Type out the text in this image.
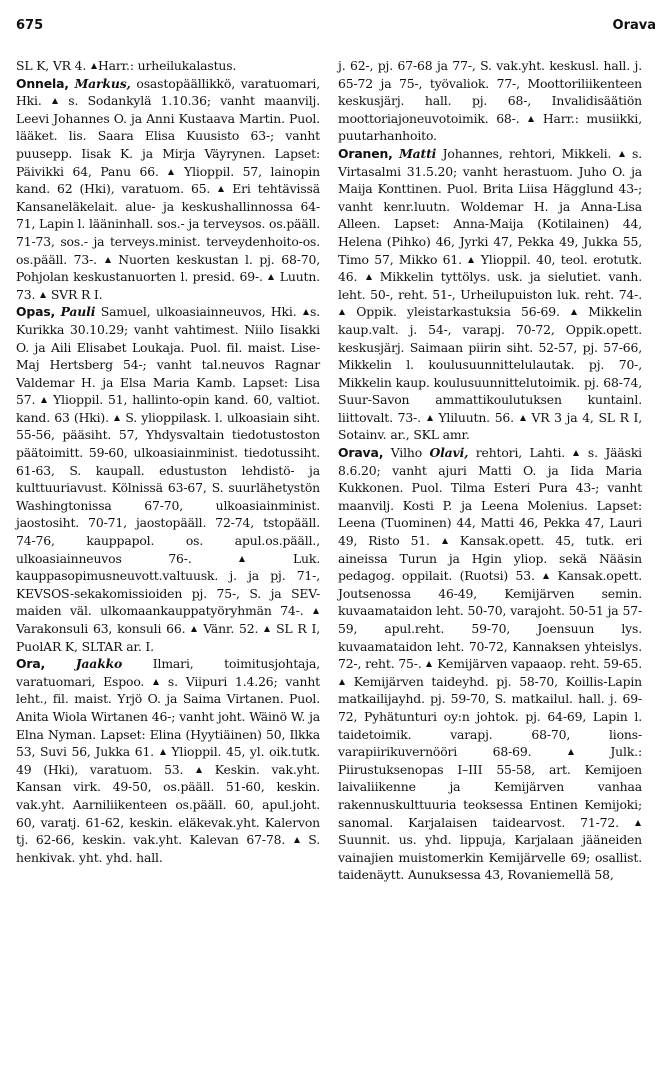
675	Orava

SL K, VR 4. Harr.: urheilukalastus.

Onnela, Markus, osastopäällikkö, varatuomari, Hki.  s. Sodankylä 1.10.36; vanht maanvilj. Leevi Johannes O. ja Anni Kustaava Martin. Puol. lääket. lis. Saara Elisa Kuusisto 63-; vanht puusepp. Iisak K. ja Mirja Väyrynen. Lapset: Päivikki 64, Panu 66.  Ylioppil. 57, lainopin kand. 62 (Hki), varatuom. 65.  Eri tehtävissä Kansaneläkelait. alue- ja keskushallinnossa 64-71, Lapin l. lääninhall. sos.- ja terveysos. os.pääll. 71-73, sos.- ja terveys.minist. terveydenhoito-os. os.pääll. 73-.  Nuorten keskustan l. pj. 68-70, Pohjolan keskustanuorten l. presid. 69-.  Luutn. 73.  SVR R I.

Opas, Pauli Samuel, ulkoasiainneuvos, Hki. s. Kurikka 30.10.29; vanht vahtimest. Niilo Iisakki O. ja Aili Elisabet Loukaja. Puol. fil. maist. Lise-Maj Hertsberg 54-; vanht tal.neuvos Ragnar Valdemar H. ja Elsa Maria Kamb. Lapset: Lisa 57.  Ylioppil. 51, hallinto-opin kand. 60, valtiot. kand. 63 (Hki).  S. ylioppilask. l. ulkoasiain siht. 55-56, pääsiht. 57, Yhdysvaltain tiedotustoston päätoimitt. 59-60, ulkoasiainminist. tiedotussiht. 61-63, S. kaupall. edustuston lehdistö- ja kulttuuriavust. Kölnissä 63-67, S. suurlähetystön Washingtonissa 67-70, ulkoasiainminist. jaostosiht. 70-71, jaostopääll. 72-74, tstopääll. 74-76, kauppapol. os. apul.os.pääll., ulkoasiainneuvos 76-.  Luk. kauppasopimusneuvott.valtuusk. j. ja pj. 71-, KEVSOS-sekakomissioiden pj. 75-, S. ja SEV-maiden väl. ulkomaankauppatyöryhmän 74-. Varakonsuli 63, konsuli 66.  Vänr. 52.  SL R I, PuolAR K, SLTAR ar. I.

Ora, Jaakko Ilmari, toimitusjohtaja, varatuomari, Espoo.  s. Viipuri 1.4.26; vanht leht., fil. maist. Yrjö O. ja Saima Virtanen. Puol. Anita Wiola Wirtanen 46-; vanht joht. Wäinö W. ja Elna Nyman. Lapset: Elina (Hyytiäinen) 50, Ilkka 53, Suvi 56, Jukka 61.  Ylioppil. 45, yl. oik.tutk. 49 (Hki), varatuom. 53.  Keskin. vak.yht. Kansan virk. 49-50, os.pääll. 51-60, keskin. vak.yht. Aarniliikenteen os.pääll. 60, apul.joht. 60, varatj. 61-62, keskin. eläkevak.yht. Kalervon tj. 62-66, keskin. vak.yht. Kalevan 67-78.  S. henkivak. yht. yhd. hall.

j. 62-, pj. 67-68 ja 77-, S. vak.yht. keskusl. hall. j. 65-72 ja 75-, työvaliok. 77-, Moottoriliikenteen keskusjärj. hall. pj. 68-, Invalidisäätiön moottoriajoneuvotoimik. 68-.  Harr.: musiikki, puutarhanhoito.

Oranen, Matti Johannes, rehtori, Mikkeli.  s. Virtasalmi 31.5.20; vanht herastuom. Juho O. ja Maija Konttinen. Puol. Brita Liisa Hägglund 43-; vanht kenr.luutn. Woldemar H. ja Anna-Lisa Alleen. Lapset: Anna-Maija (Kotilainen) 44, Helena (Pihko) 46, Jyrki 47, Pekka 49, Jukka 55, Timo 57, Mikko 61.  Ylioppil. 40, teol. erotutk. 46.  Mikkelin tyttölys. usk. ja sielutiet. vanh. leht. 50-, reht. 51-, Urheilupuiston luk. reht. 74-.  Oppik. yleistarkastuksia 56-69.  Mikkelin kaup.valt. j. 54-, varapj. 70-72, Oppik.opett. keskusjärj. Saimaan piirin siht. 52-57, pj. 57-66, Mikkelin l. koulusuunnittelulautak. pj. 70-, Mikkelin kaup. koulusuunnittelutoimik. pj. 68-74, Suur-Savon ammattikoulutuksen kuntainl. liittovalt. 73-.  Yliluutn. 56.  VR 3 ja 4, SL R I, Sotainv. ar., SKL amr.

Orava, Vilho Olavi, rehtori, Lahti.  s. Jääski 8.6.20; vanht ajuri Matti O. ja Iida Maria Kukkonen. Puol. Tilma Esteri Pura 43-; vanht maanvilj. Kosti P. ja Leena Molenius. Lapset: Leena (Tuominen) 44, Matti 46, Pekka 47, Lauri 49, Risto 51.  Kansak.opett. 45, tutk. eri aineissa Turun ja Hgin yliop. sekä Nääsin pedagog. oppilait. (Ruotsi) 53.  Kansak.opett. Joutsenossa 46-49, Kemijärven semin. kuvaamataidon leht. 50-70, varajoht. 50-51 ja 57-59, apul.reht. 59-70, Joensuun lys. kuvaamataidon leht. 70-72, Kannaksen yhteislys. 72-, reht. 75-.  Kemijärven vapaaop. reht. 59-65.  Kemijärven taideyhd. pj. 58-70, Koillis-Lapin matkailijayhd. pj. 59-70, S. matkailul. hall. j. 69-72, Pyhätunturi oy:n johtok. pj. 64-69, Lapin l. taidetoimik. varapj. 68-70, lions-varapiirikuvernööri 68-69.  Julk.: Piirustuksenopas I–III 55-58, art. Kemijoen laivaliikenne ja Kemijärven vanhaa rakennuskulttuuria teoksessa Entinen Kemijoki; sanomal. Karjalaisen taidearvost. 71-72.  Suunnit. us. yhd. lippuja, Karjalaan jääneiden vainajien muistomerkin Kemijärvelle 69; osallist. taidenäytt. Aunuksessa 43, Rovaniemellä 58,
